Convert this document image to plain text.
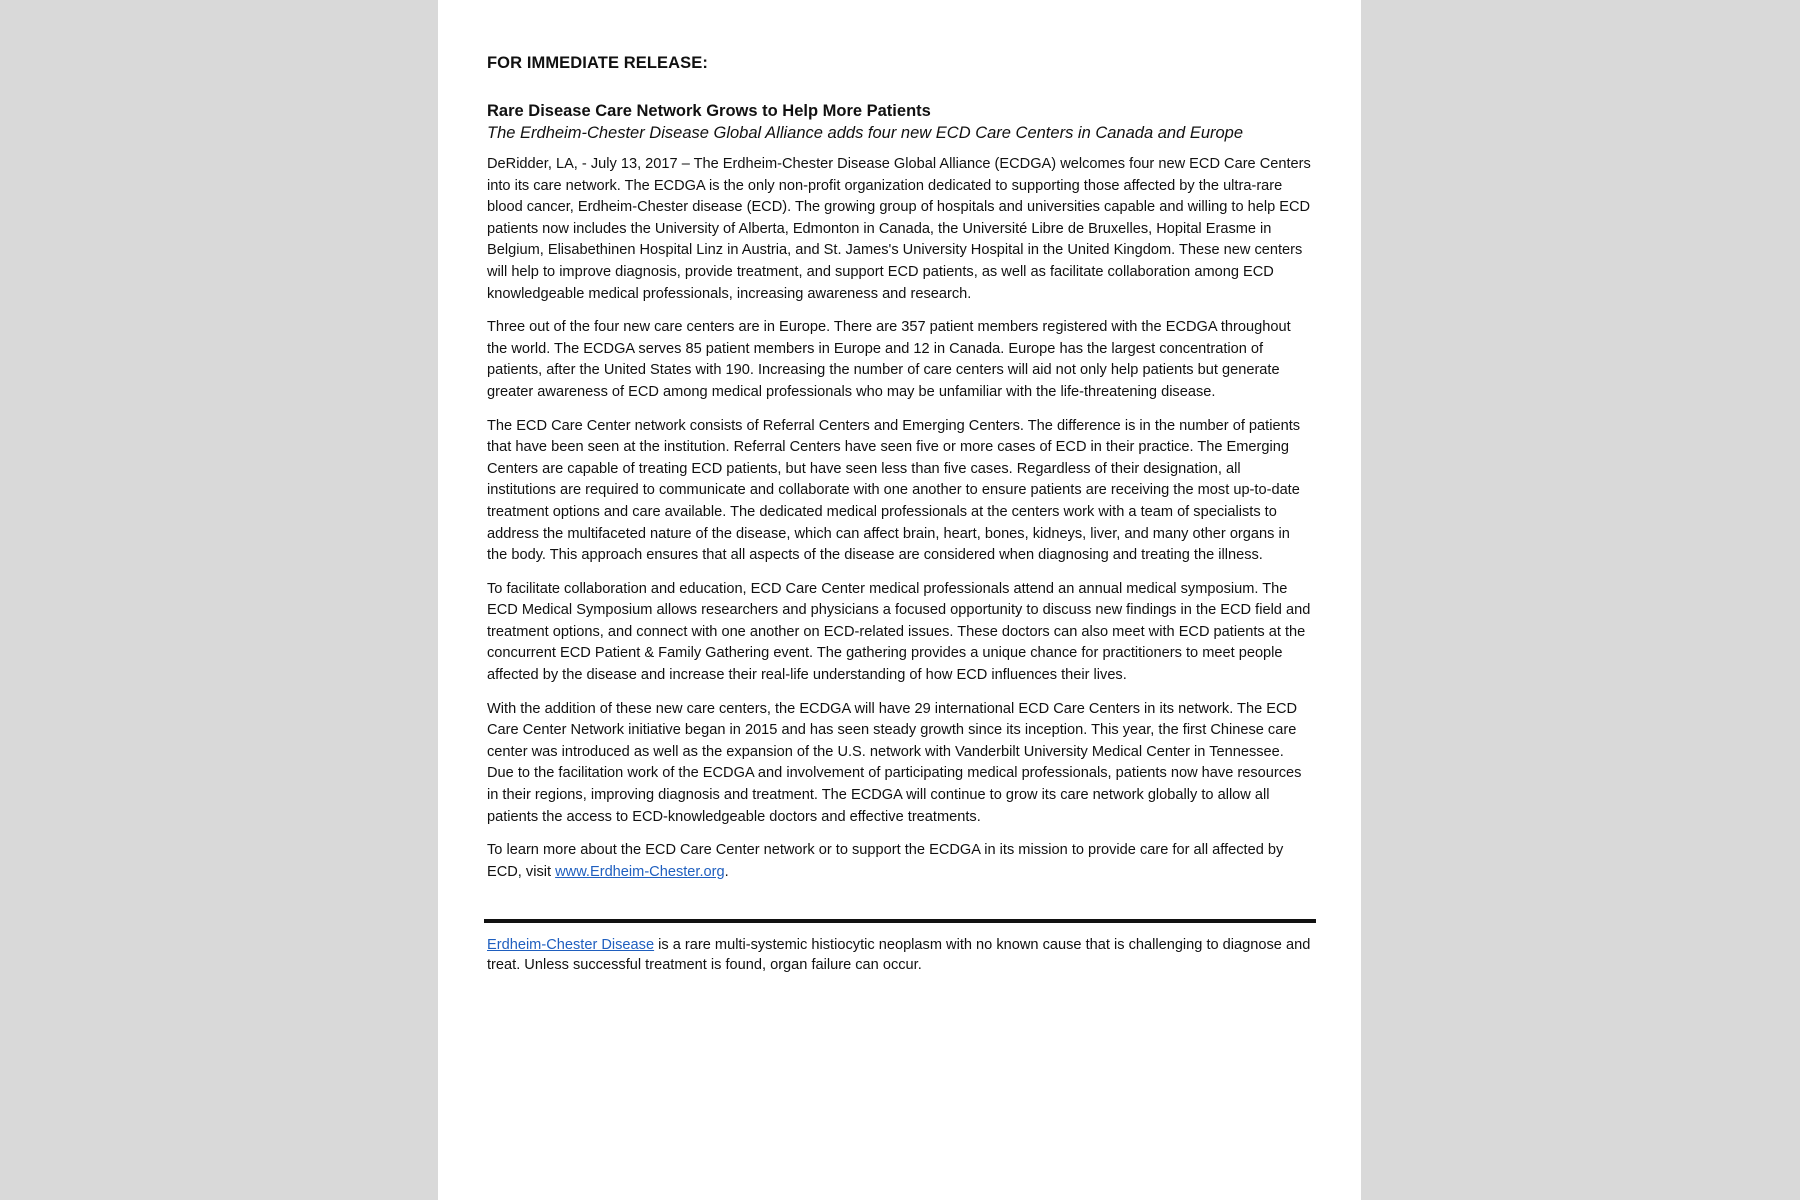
FOR IMMEDIATE RELEASE:
Rare Disease Care Network Grows to Help More Patients
The Erdheim-Chester Disease Global Alliance adds four new ECD Care Centers in Canada and Europe

DeRidder, LA, - July 13, 2017 – The Erdheim-Chester Disease Global Alliance (ECDGA) welcomes four new ECD Care Centers into its care network. The ECDGA is the only non-profit organization dedicated to supporting those affected by the ultra-rare blood cancer, Erdheim-Chester disease (ECD). The growing group of hospitals and universities capable and willing to help ECD patients now includes the University of Alberta, Edmonton in Canada, the Université Libre de Bruxelles, Hopital Erasme in Belgium, Elisabethinen Hospital Linz in Austria, and St. James's University Hospital in the United Kingdom. These new centers will help to improve diagnosis, provide treatment, and support ECD patients, as well as facilitate collaboration among ECD knowledgeable medical professionals, increasing awareness and research.

Three out of the four new care centers are in Europe. There are 357 patient members registered with the ECDGA throughout the world. The ECDGA serves 85 patient members in Europe and 12 in Canada. Europe has the largest concentration of patients, after the United States with 190. Increasing the number of care centers will aid not only help patients but generate greater awareness of ECD among medical professionals who may be unfamiliar with the life-threatening disease.

The ECD Care Center network consists of Referral Centers and Emerging Centers. The difference is in the number of patients that have been seen at the institution. Referral Centers have seen five or more cases of ECD in their practice. The Emerging Centers are capable of treating ECD patients, but have seen less than five cases. Regardless of their designation, all institutions are required to communicate and collaborate with one another to ensure patients are receiving the most up-to-date treatment options and care available. The dedicated medical professionals at the centers work with a team of specialists to address the multifaceted nature of the disease, which can affect brain, heart, bones, kidneys, liver, and many other organs in the body. This approach ensures that all aspects of the disease are considered when diagnosing and treating the illness.

To facilitate collaboration and education, ECD Care Center medical professionals attend an annual medical symposium. The ECD Medical Symposium allows researchers and physicians a focused opportunity to discuss new findings in the ECD field and treatment options, and connect with one another on ECD-related issues. These doctors can also meet with ECD patients at the concurrent ECD Patient & Family Gathering event. The gathering provides a unique chance for practitioners to meet people affected by the disease and increase their real-life understanding of how ECD influences their lives.

With the addition of these new care centers, the ECDGA will have 29 international ECD Care Centers in its network. The ECD Care Center Network initiative began in 2015 and has seen steady growth since its inception. This year, the first Chinese care center was introduced as well as the expansion of the U.S. network with Vanderbilt University Medical Center in Tennessee. Due to the facilitation work of the ECDGA and involvement of participating medical professionals, patients now have resources in their regions, improving diagnosis and treatment. The ECDGA will continue to grow its care network globally to allow all patients the access to ECD-knowledgeable doctors and effective treatments.

To learn more about the ECD Care Center network or to support the ECDGA in its mission to provide care for all affected by ECD, visit www.Erdheim-Chester.org.

Erdheim-Chester Disease is a rare multi-systemic histiocytic neoplasm with no known cause that is challenging to diagnose and treat. Unless successful treatment is found, organ failure can occur.
